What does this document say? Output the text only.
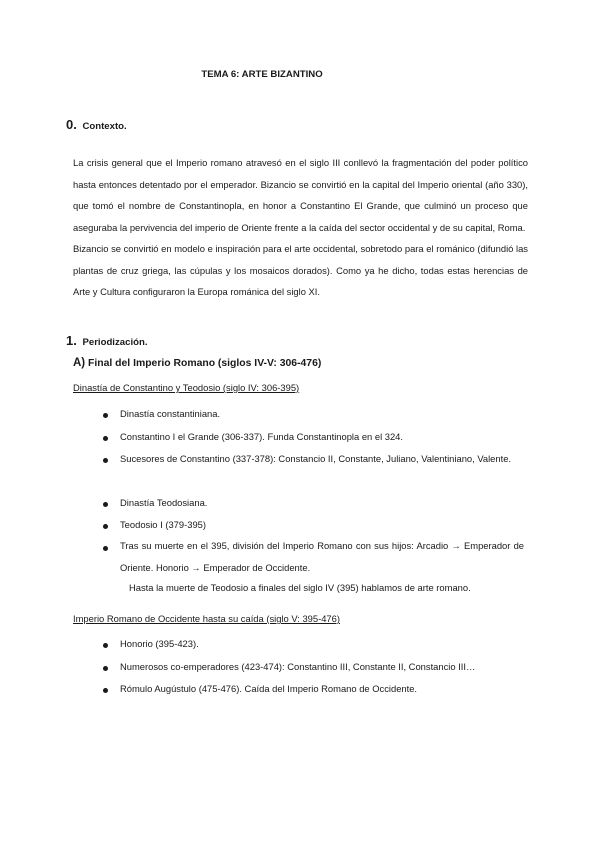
TEMA 6: ARTE BIZANTINO
0. Contexto.

La crisis general que el Imperio romano atravesó en el siglo III conllevó la fragmentación del poder político hasta entonces detentado por el emperador. Bizancio se convirtió en la capital del Imperio oriental (año 330), que tomó el nombre de Constantinopla, en honor a Constantino El Grande, que culminó un proceso que aseguraba la pervivencia del imperio de Oriente frente a la caída del sector occidental y de su capital, Roma.

Bizancio se convirtió en modelo e inspiración para el arte occidental, sobretodo para el románico (difundió las plantas de cruz griega, las cúpulas y los mosaicos dorados). Como ya he dicho, todas estas herencias de Arte y Cultura configuraron la Europa románica del siglo XI.

1. Periodización.
A) Final del Imperio Romano (siglos IV-V: 306-476)
Dinastía de Constantino y Teodosio (siglo IV: 306-395)
Dinastía constantiniana.
Constantino I el Grande (306-337). Funda Constantinopla en el 324.
Sucesores de Constantino (337-378): Constancio II, Constante, Juliano, Valentiniano, Valente.
Dinastía Teodosiana.
Teodosio I (379-395)
Tras su muerte en el 395, división del Imperio Romano con sus hijos: Arcadio → Emperador de Oriente. Honorio → Emperador de Occidente.
Hasta la muerte de Teodosio a finales del siglo IV (395) hablamos de arte romano.
Imperio Romano de Occidente hasta su caída (siglo V: 395-476)
Honorio (395-423).
Numerosos co-emperadores (423-474): Constantino III, Constante II, Constancio III…
Rómulo Augústulo (475-476). Caída del Imperio Romano de Occidente.
